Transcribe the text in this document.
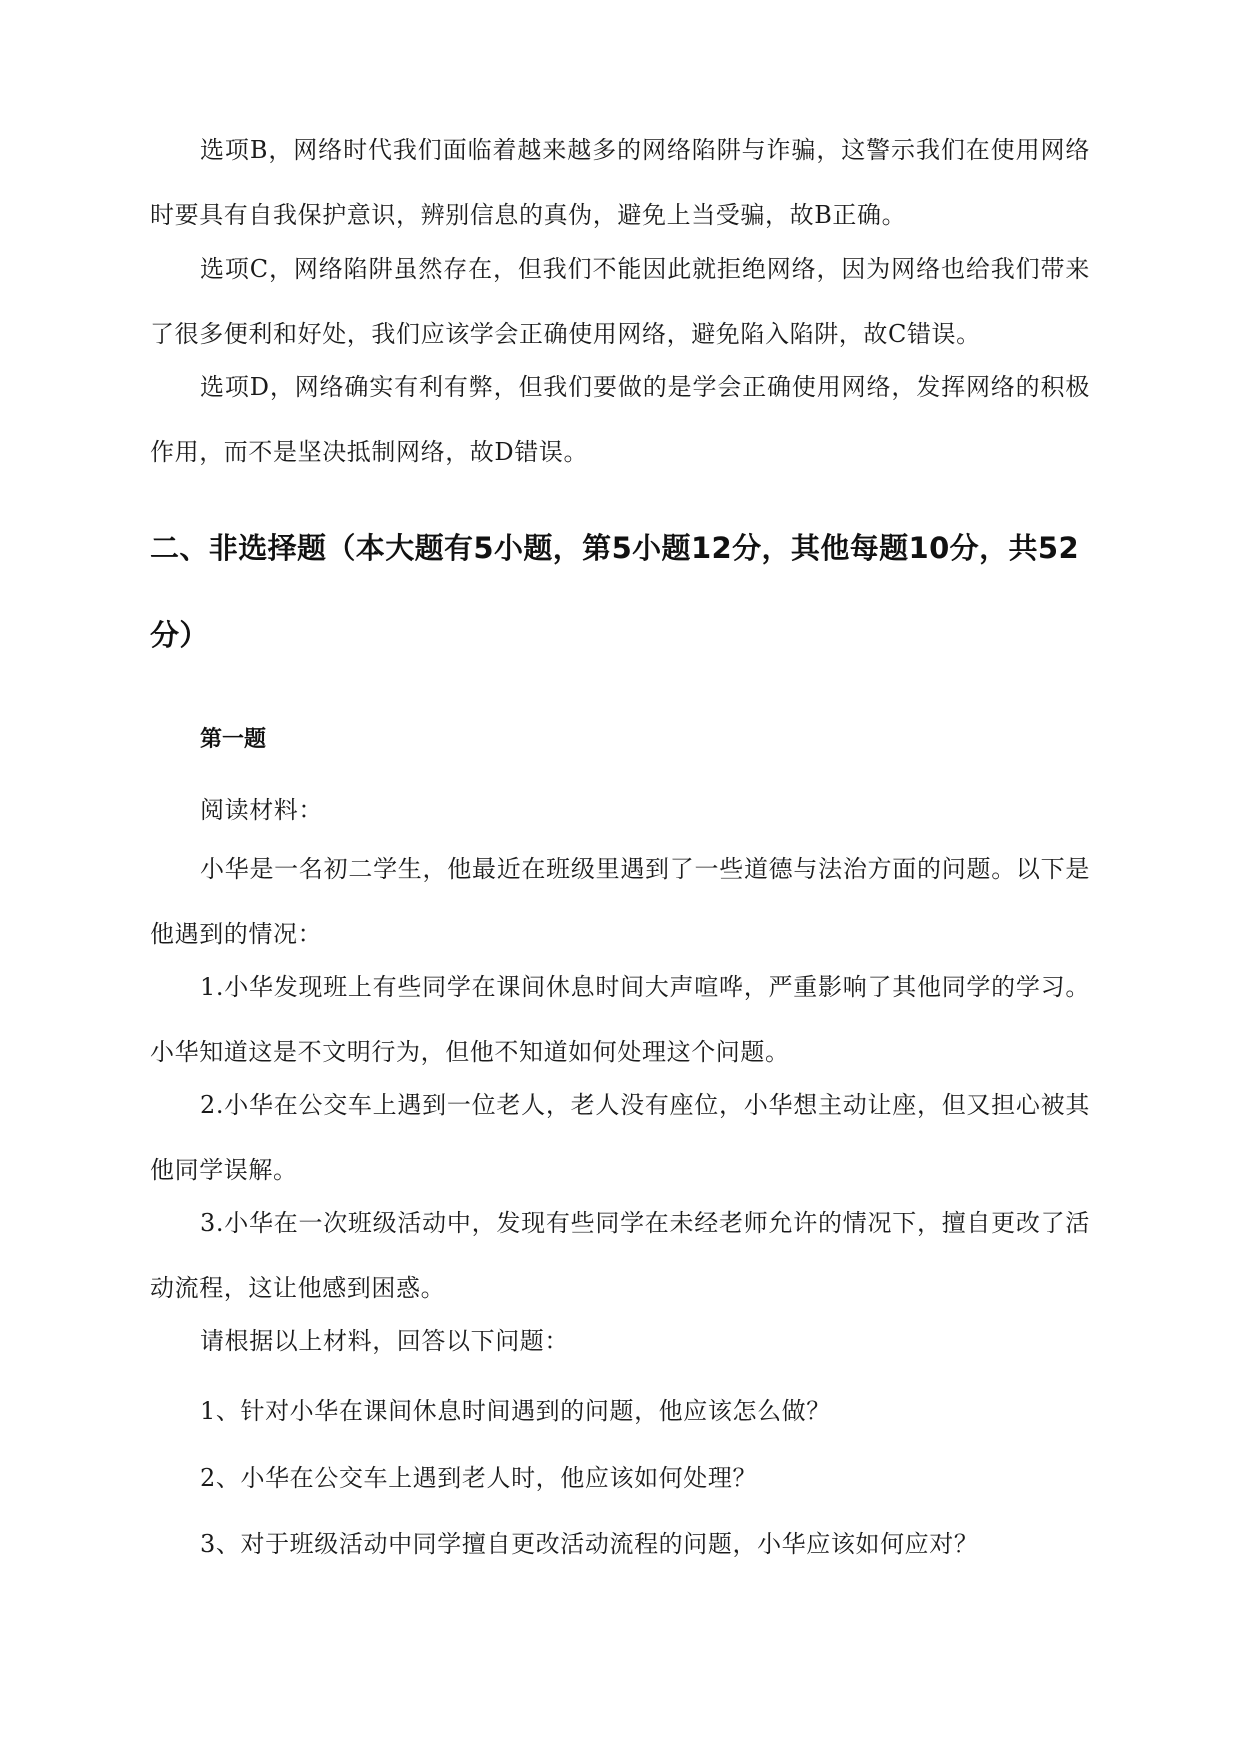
选项B，网络时代我们面临着越来越多的网络陷阱与诈骗，这警示我们在使用网络时要具有自我保护意识，辨别信息的真伪，避免上当受骗，故B正确。

选项C，网络陷阱虽然存在，但我们不能因此就拒绝网络，因为网络也给我们带来了很多便利和好处，我们应该学会正确使用网络，避免陷入陷阱，故C错误。

选项D，网络确实有利有弊，但我们要做的是学会正确使用网络，发挥网络的积极作用，而不是坚决抵制网络，故D错误。

二、非选择题（本大题有5小题，第5小题12分，其他每题10分，共52分）
第一题

阅读材料：

小华是一名初二学生，他最近在班级里遇到了一些道德与法治方面的问题。以下是他遇到的情况：

1.小华发现班上有些同学在课间休息时间大声喧哗，严重影响了其他同学的学习。小华知道这是不文明行为，但他不知道如何处理这个问题。

2.小华在公交车上遇到一位老人，老人没有座位，小华想主动让座，但又担心被其他同学误解。

3.小华在一次班级活动中，发现有些同学在未经老师允许的情况下，擅自更改了活动流程，这让他感到困惑。

请根据以上材料，回答以下问题：

1、针对小华在课间休息时间遇到的问题，他应该怎么做？

2、小华在公交车上遇到老人时，他应该如何处理？

3、对于班级活动中同学擅自更改活动流程的问题，小华应该如何应对？
